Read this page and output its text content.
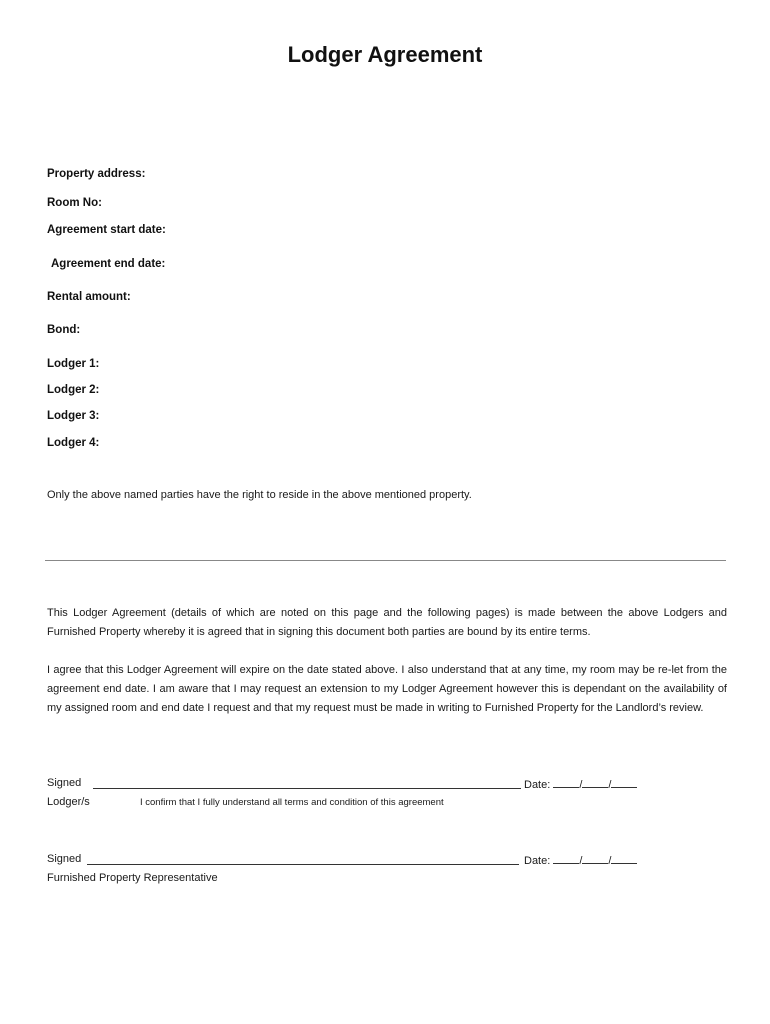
Lodger Agreement
Property address:
Room No:
Agreement start date:
Agreement end date:
Rental amount:
Bond:
Lodger 1:
Lodger 2:
Lodger 3:
Lodger 4:
Only the above named parties have the right to reside in the above mentioned property.
This Lodger Agreement (details of which are noted on this page and the following pages) is made between the above Lodgers and Furnished Property whereby it is agreed that in signing this document both parties are bound by its entire terms.
I agree that this Lodger Agreement will expire on the date stated above. I also understand that at any time, my room may be re-let from the agreement end date. I am aware that I may request an extension to my Lodger Agreement however this is dependant on the availability of my assigned room and end date I request and that my request must be made in writing to Furnished Property for the Landlord’s review.
Signed	Date:	/ /
Lodger/s	I confirm that I fully understand all terms and condition of this agreement
Signed	Date:	/ /
Furnished Property Representative
